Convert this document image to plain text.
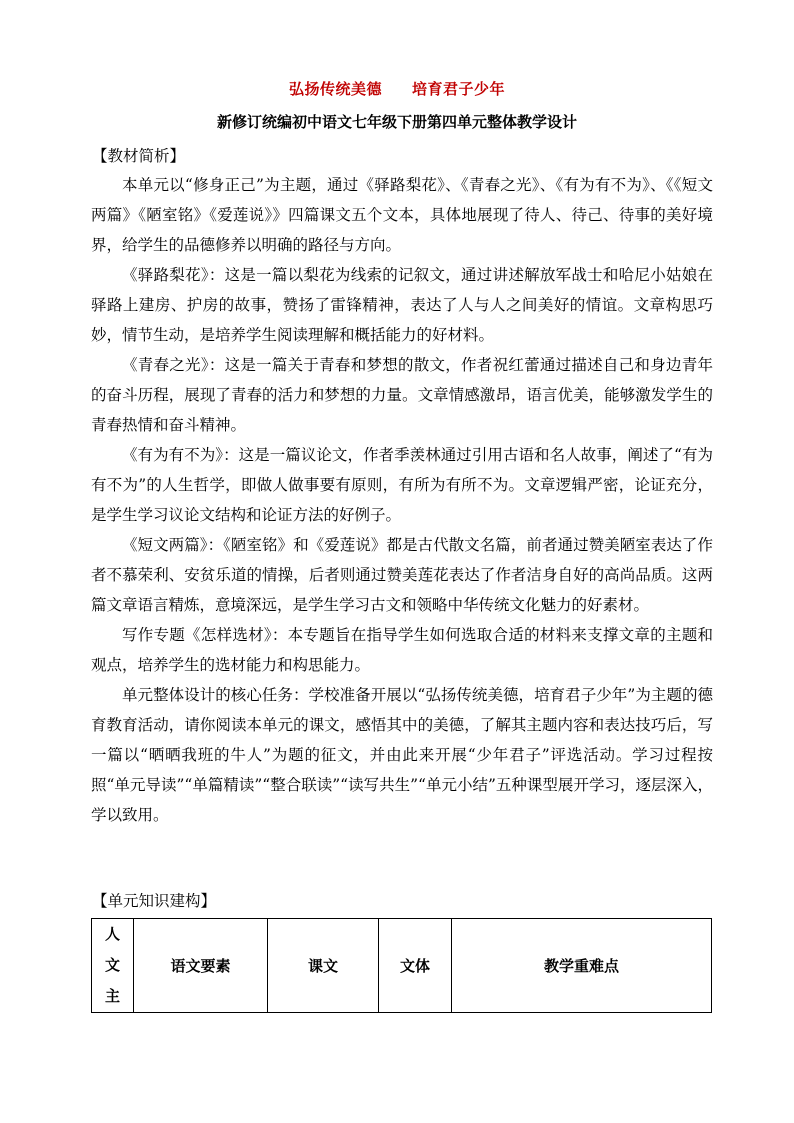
弘扬传统美德 培育君子少年
新修订统编初中语文七年级下册第四单元整体教学设计
【教材简析】

本单元以“修身正己”为主题，通过《驿路梨花》、《青春之光》、《有为有不为》、《《短文两篇》《陋室铭》《爱莲说》》四篇课文五个文本，具体地展现了待人、待己、待事的美好境界，给学生的品德修养以明确的路径与方向。

《驿路梨花》：这是一篇以梨花为线索的记叙文，通过讲述解放军战士和哈尼小姑娘在驿路上建房、护房的故事，赞扬了雷锋精神，表达了人与人之间美好的情谊。文章构思巧妙，情节生动，是培养学生阅读理解和概括能力的好材料。

《青春之光》：这是一篇关于青春和梦想的散文，作者祝红蕾通过描述自己和身边青年的奋斗历程，展现了青春的活力和梦想的力量。文章情感激昂，语言优美，能够激发学生的青春热情和奋斗精神。

《有为有不为》：这是一篇议论文，作者季羡林通过引用古语和名人故事，阐述了“有为有不为”的人生哲学，即做人做事要有原则，有所为有所不为。文章逻辑严密，论证充分，是学生学习议论文结构和论证方法的好例子。

《短文两篇》：《陋室铭》和《爱莲说》都是古代散文名篇，前者通过赞美陋室表达了作者不慕荣利、安贫乐道的情操，后者则通过赞美莲花表达了作者洁身自好的高尚品质。这两篇文章语言精炼，意境深远，是学生学习古文和领略中华传统文化魅力的好素材。

写作专题《怎样选材》：本专题旨在指导学生如何选取合适的材料来支撑文章的主题和观点，培养学生的选材能力和构思能力。

单元整体设计的核心任务：学校准备开展以“弘扬传统美德，培育君子少年”为主题的德育教育活动，请你阅读本单元的课文，感悟其中的美德，了解其主题内容和表达技巧后，写一篇以“晒晒我班的牛人”为题的征文，并由此来开展“少年君子”评选活动。学习过程按照“单元导读”“单篇精读”“整合联读”“读写共生”“单元小结”五种课型展开学习，逐层深入，学以致用。

【单元知识建构】
人
文
主
	语文要素	课文	文体	教学重难点
